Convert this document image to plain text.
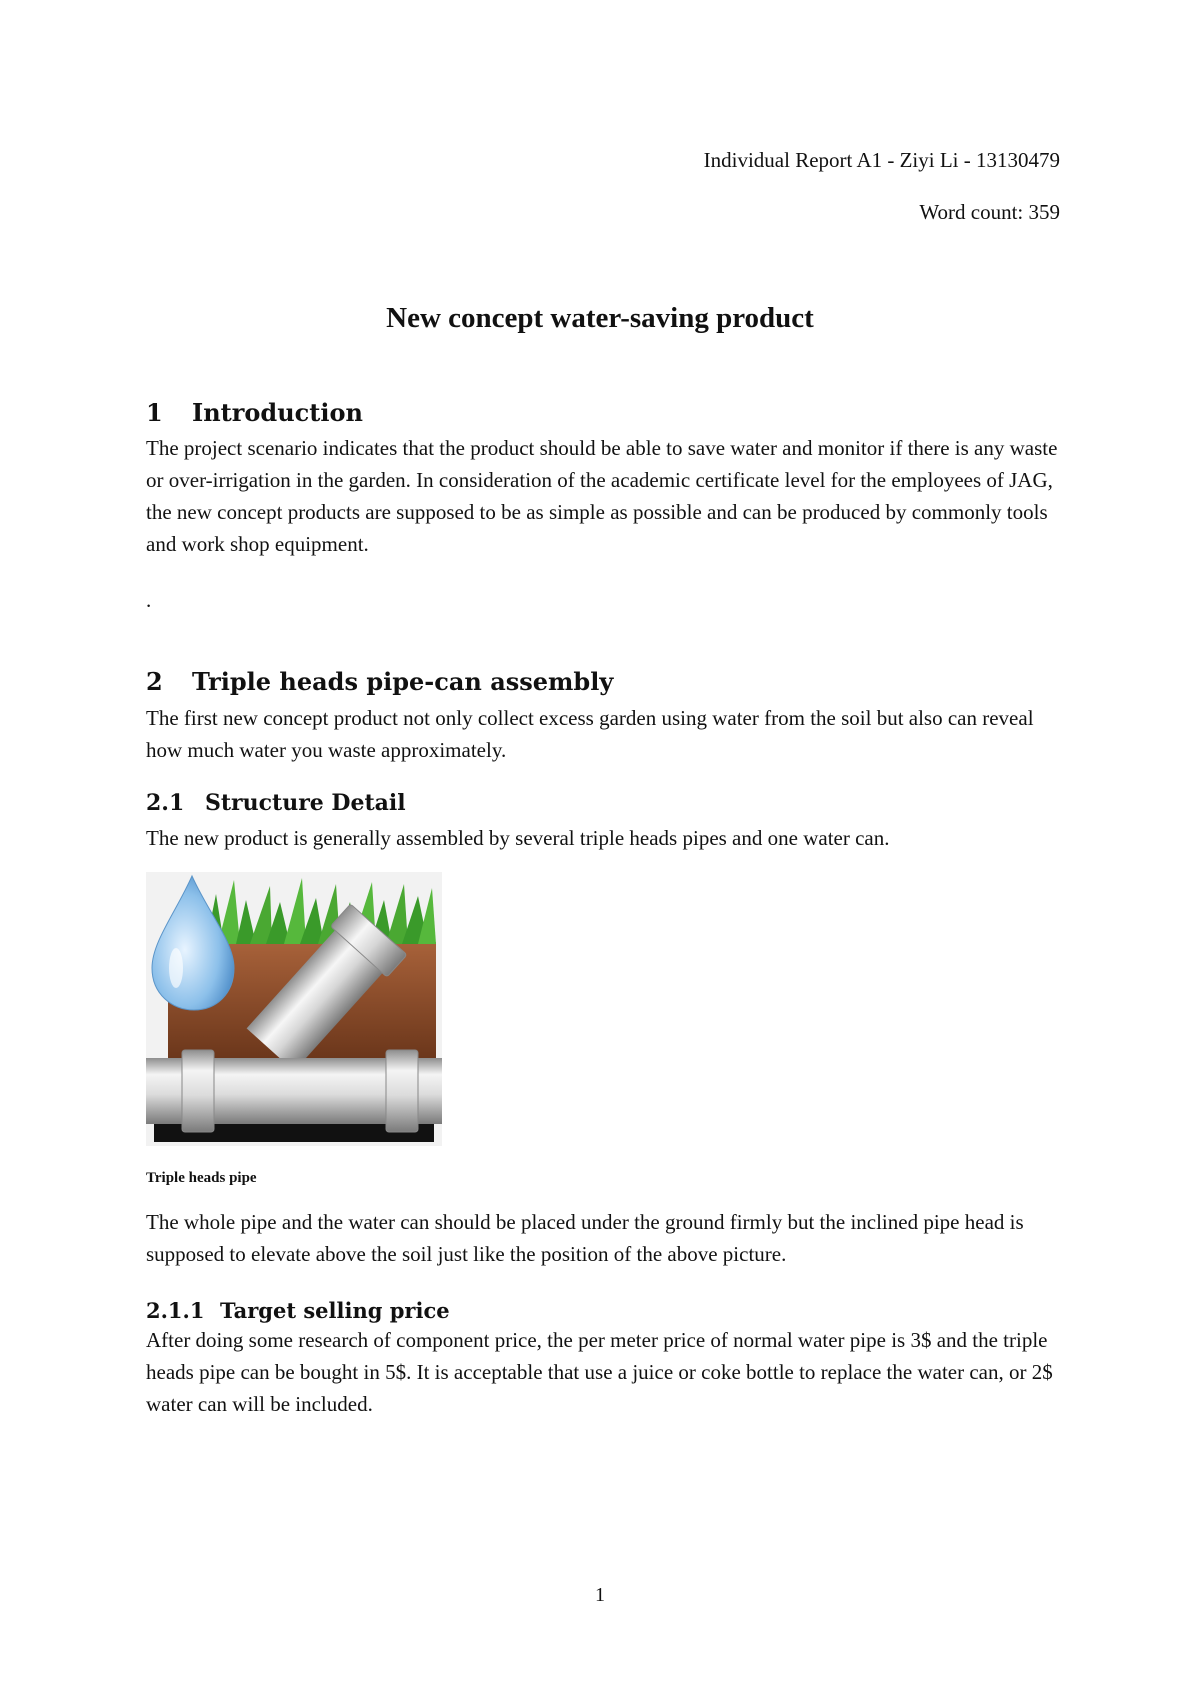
Individual Report A1 - Ziyi Li - 13130479
Word count: 359
New concept water-saving product
1 Introduction

The project scenario indicates that the product should be able to save water and monitor if there is any waste or over-irrigation in the garden. In consideration of the academic certificate level for the employees of JAG, the new concept products are supposed to be as simple as possible and can be produced by commonly tools and work shop equipment.

.
2 Triple heads pipe-can assembly

The first new concept product not only collect excess garden using water from the soil but also can reveal how much water you waste approximately.

2.1 Structure Detail

The new product is generally assembled by several triple heads pipes and one water can.

Triple heads pipe

The whole pipe and the water can should be placed under the ground firmly but the inclined pipe head is supposed to elevate above the soil just like the position of the above picture.

2.1.1 Target selling price

After doing some research of component price, the per meter price of normal water pipe is 3$ and the triple heads pipe can be bought in 5$. It is acceptable that use a juice or coke bottle to replace the water can, or 2$ water can will be included.

1
